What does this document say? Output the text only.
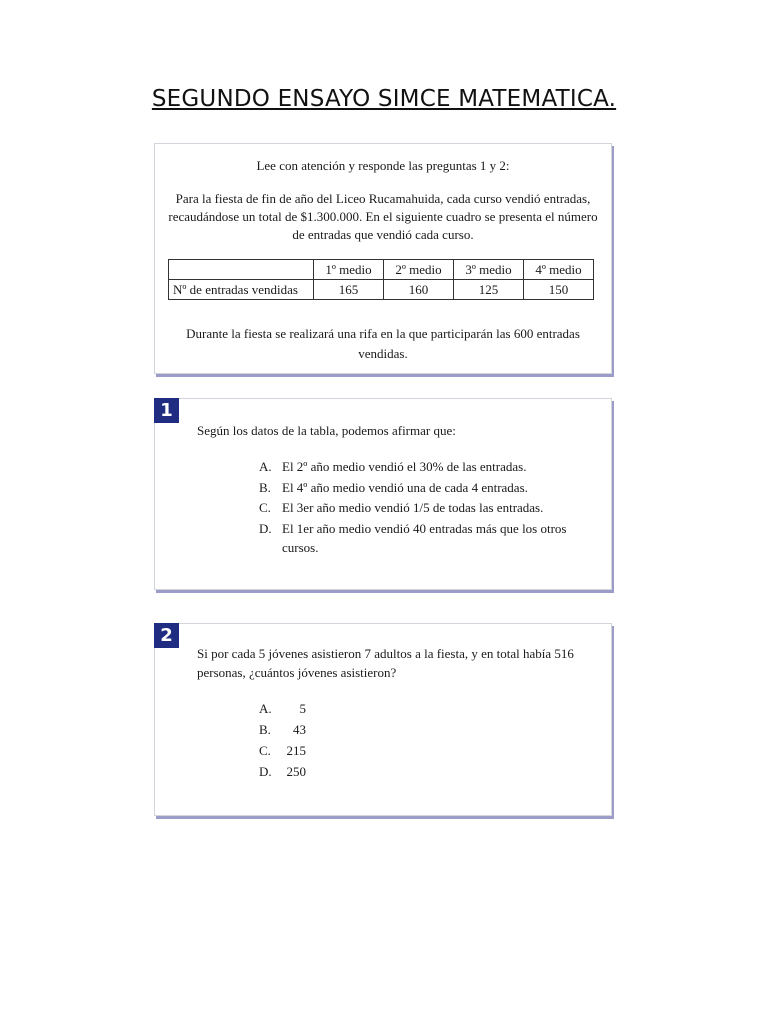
SEGUNDO ENSAYO SIMCE MATEMATICA.
Lee con atención y responde las preguntas 1 y 2:
Para la fiesta de fin de año del Liceo Rucamahuida, cada curso vendió entradas, recaudándose un total de $1.300.000. En el siguiente cuadro se presenta el número de entradas que vendió cada curso.
	1º medio	2º medio	3º medio	4º medio
Nº de entradas vendidas	165	160	125	150
Durante la fiesta se realizará una rifa en la que participarán las 600 entradas vendidas.
1
Según los datos de la tabla, podemos afirmar que:
A. El 2º año medio vendió el 30% de las entradas.
B. El 4º año medio vendió una de cada 4 entradas.
C. El 3er año medio vendió 1/5 de todas las entradas.
D. El 1er año medio vendió 40 entradas más que los otros cursos.
2
Si por cada 5 jóvenes asistieron 7 adultos a la fiesta, y en total había 516 personas, ¿cuántos jóvenes asistieron?
A.	5
B.	43
C.	215
D.	250
